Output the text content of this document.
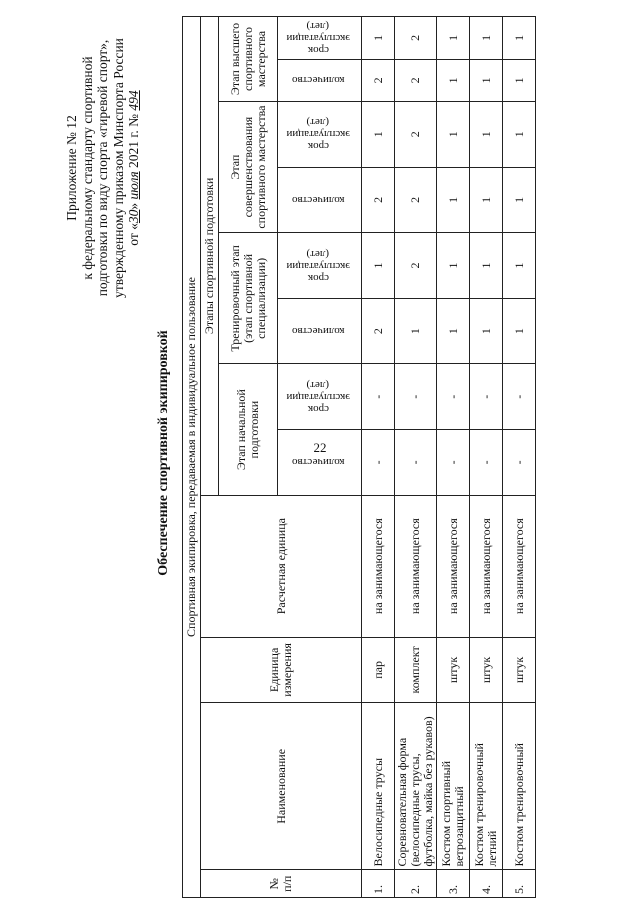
22
Приложение № 12 к федеральному стандарту спортивной подготовки по виду спорта «гиревой спорт», утвержденному приказом Минспорта России от «30» июля 2021 г. № 494
Обеспечение спортивной экипировкой Спортивная экипировка, передаваемая в индивидуальное пользование											
№ п/п	Наименование	Единица измерения	Расчетная единица	Этапы спортивной подготовки							
				Этап начальной подготовки		Тренировочный этап (этап спортивной специализации)		Этап совершенствования спортивного мастерства		Этап высшего спортивного мастерства	
				количество	срок эксплуатации (лет)	количество	срок эксплуатации (лет)	количество	срок эксплуатации (лет)	количество	срок эксплуатации (лет)
1.	Велосипедные трусы	пар	на занимающегося	-	-	2	1	2	1	2	1
2.	Соревновательная форма (велосипедные трусы, футболка, майка без рукавов)	комплект	на занимающегося	-	-	1	2	2	2	2	2
3.	Костюм спортивный ветрозащитный	штук	на занимающегося	-	-	1	1	1	1	1	1
4.	Костюм тренировочный летний	штук	на занимающегося	-	-	1	1	1	1	1	1
5.	Костюм тренировочный	штук	на занимающегося	-	-	1	1	1	1	1	1
